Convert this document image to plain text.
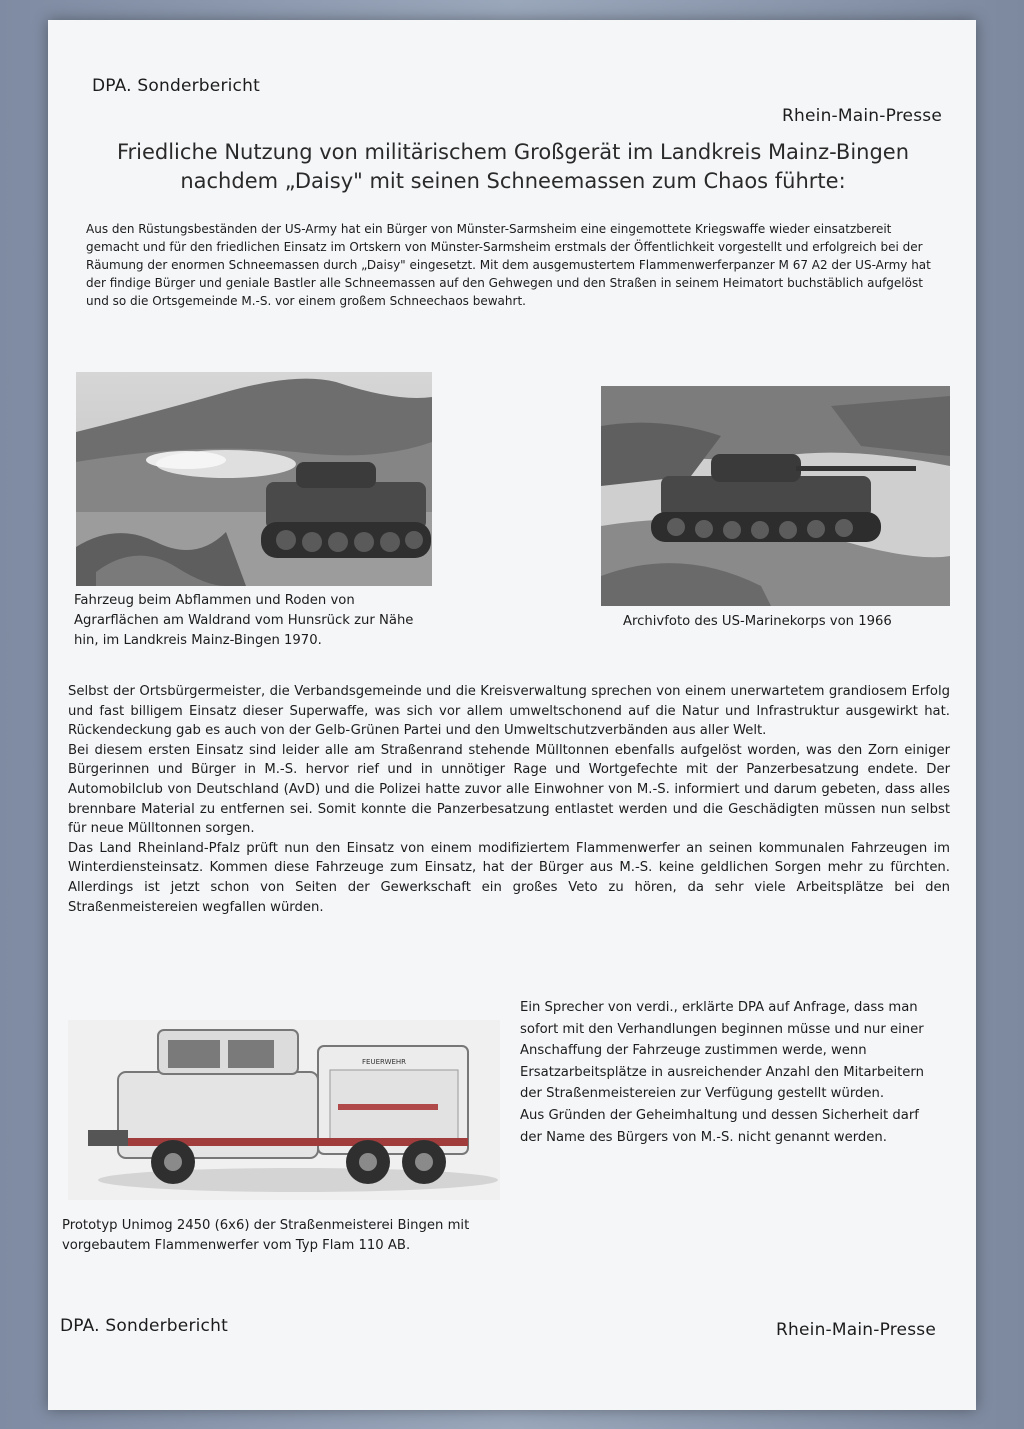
DPA. Sonderbericht
Rhein-Main-Presse
Friedliche Nutzung von militärischem Großgerät im Landkreis Mainz-Bingen
nachdem „Daisy" mit seinen Schneemassen zum Chaos führte:
Aus den Rüstungsbeständen der US-Army hat ein Bürger von Münster-Sarmsheim eine eingemottete Kriegswaffe wieder einsatzbereit gemacht und für den friedlichen Einsatz im Ortskern von Münster-Sarmsheim erstmals der Öffentlichkeit vorgestellt und erfolgreich bei der Räumung der enormen Schneemassen durch „Daisy" eingesetzt. Mit dem ausgemustertem Flammenwerferpanzer M 67 A2 der US-Army hat der findige Bürger und geniale Bastler alle Schneemassen auf den Gehwegen und den Straßen in seinem Heimatort buchstäblich aufgelöst und so die Ortsgemeinde M.-S. vor einem großem Schneechaos bewahrt.
Fahrzeug beim Abflammen und Roden von Agrarflächen am Waldrand vom Hunsrück zur Nähe hin, im Landkreis Mainz-Bingen 1970.
Archivfoto des US-Marinekorps von 1966

Selbst der Ortsbürgermeister, die Verbandsgemeinde und die Kreisverwaltung sprechen von einem unerwartetem grandiosem Erfolg und fast billigem Einsatz dieser Superwaffe, was sich vor allem umweltschonend auf die Natur und Infrastruktur ausgewirkt hat. Rückendeckung gab es auch von der Gelb-Grünen Partei und den Umweltschutzverbänden aus aller Welt.

Bei diesem ersten Einsatz sind leider alle am Straßenrand stehende Mülltonnen ebenfalls aufgelöst worden, was den Zorn einiger Bürgerinnen und Bürger in M.-S. hervor rief und in unnötiger Rage und Wortgefechte mit der Panzerbesatzung endete. Der Automobilclub von Deutschland (AvD) und die Polizei hatte zuvor alle Einwohner von M.-S. informiert und darum gebeten, dass alles brennbare Material zu entfernen sei. Somit konnte die Panzerbesatzung entlastet werden und die Geschädigten müssen nun selbst für neue Mülltonnen sorgen.

Das Land Rheinland-Pfalz prüft nun den Einsatz von einem modifiziertem Flammenwerfer an seinen kommunalen Fahrzeugen im Winterdiensteinsatz. Kommen diese Fahrzeuge zum Einsatz, hat der Bürger aus M.-S. keine geldlichen Sorgen mehr zu fürchten. Allerdings ist jetzt schon von Seiten der Gewerkschaft ein großes Veto zu hören, da sehr viele Arbeitsplätze bei den Straßenmeistereien wegfallen würden.

FEUERWEHR
Prototyp Unimog 2450 (6x6) der Straßenmeisterei Bingen mit vorgebautem Flammenwerfer vom Typ Flam 110 AB.

Ein Sprecher von verdi., erklärte DPA auf Anfrage, dass man sofort mit den Verhandlungen beginnen müsse und nur einer Anschaffung der Fahrzeuge zustimmen werde, wenn Ersatzarbeitsplätze in ausreichender Anzahl den Mitarbeitern der Straßenmeistereien zur Verfügung gestellt würden.

Aus Gründen der Geheimhaltung und dessen Sicherheit darf der Name des Bürgers von M.-S. nicht genannt werden.

DPA. Sonderbericht	Rhein-Main-Presse
